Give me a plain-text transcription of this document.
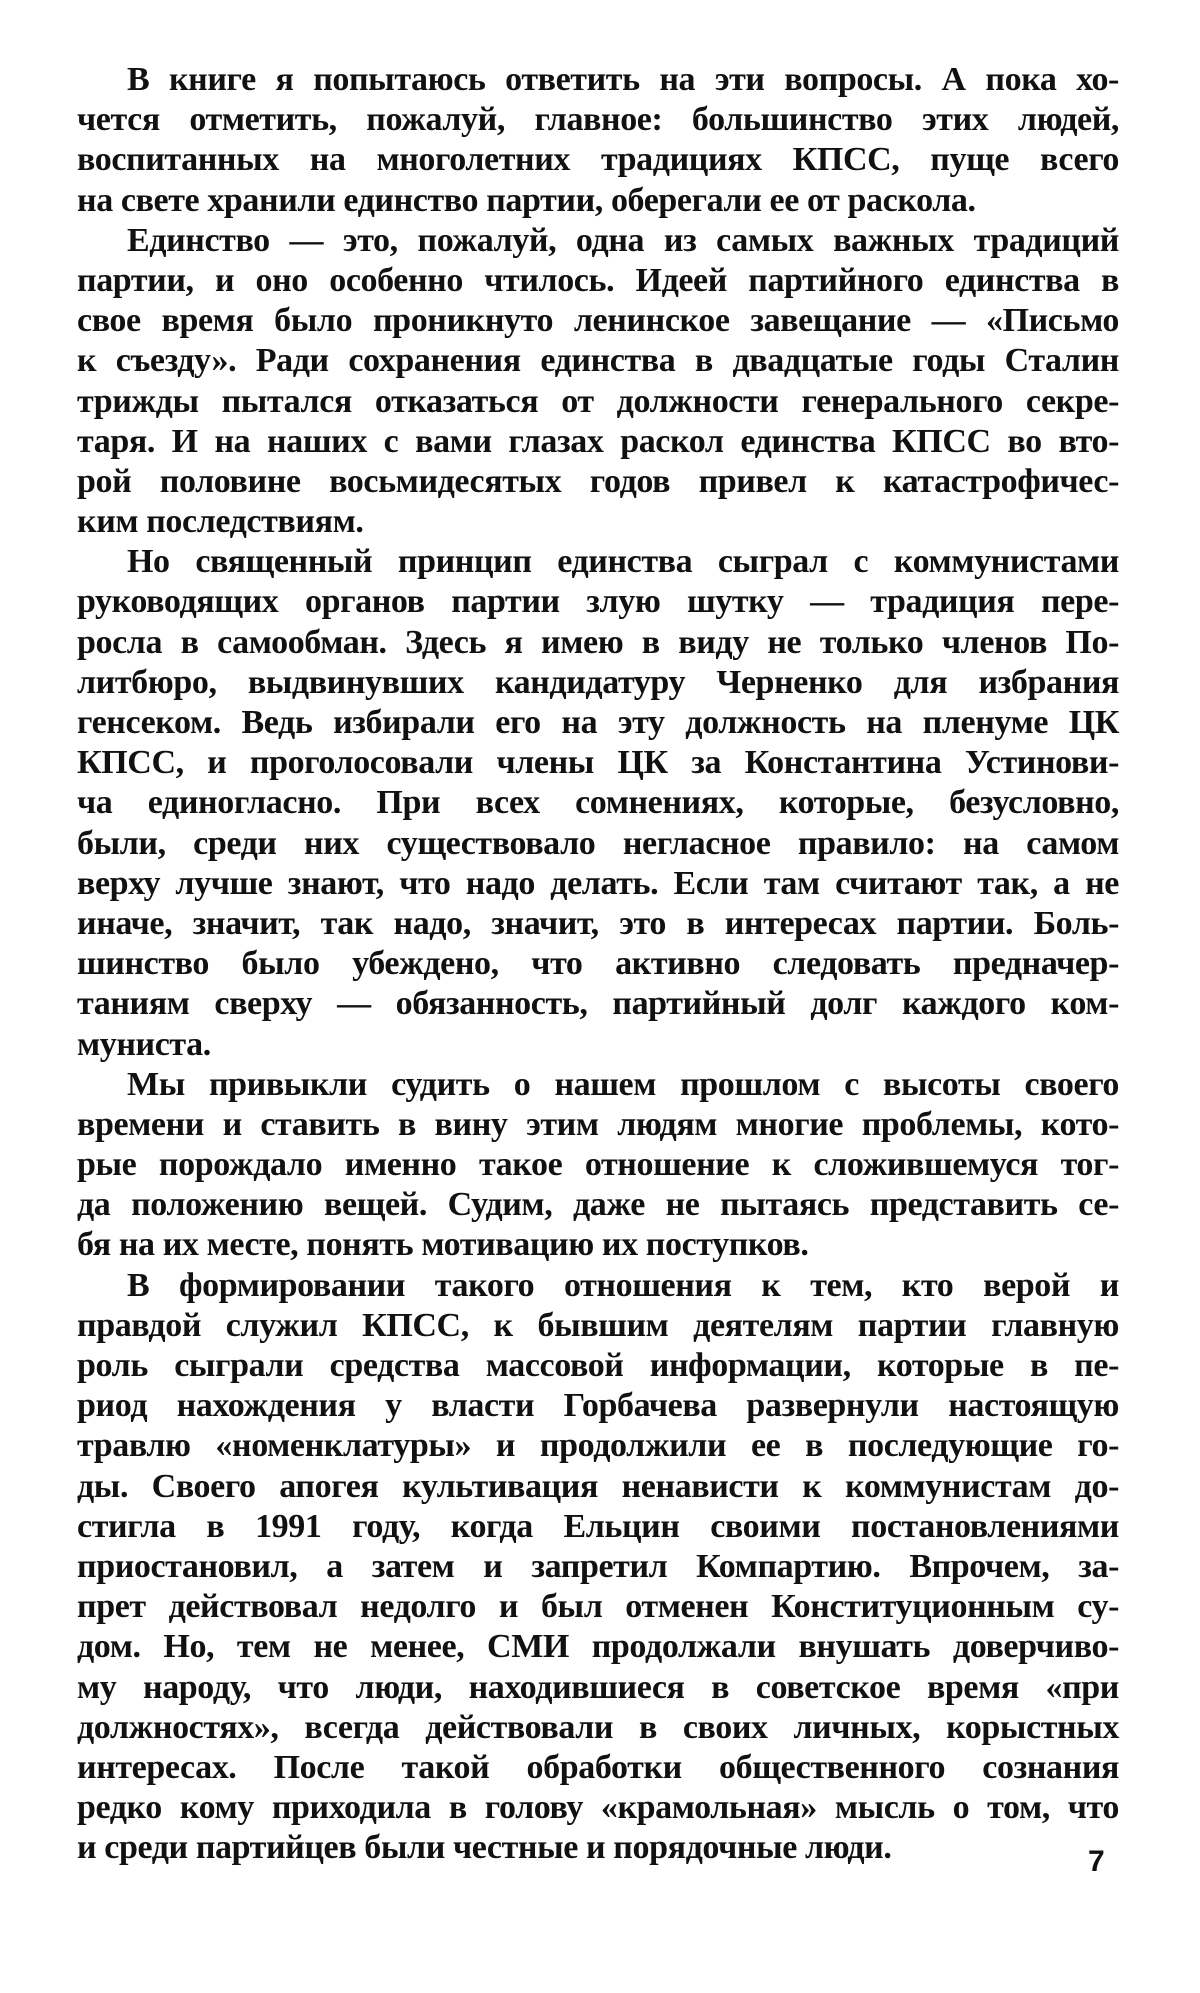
В книге я попытаюсь ответить на эти вопросы. А пока хо-
чется отметить, пожалуй, главное: большинство этих людей,
воспитанных на многолетних традициях КПСС, пуще всего
на свете хранили единство партии, оберегали ее от раскола.
Единство — это, пожалуй, одна из самых важных традиций
партии, и оно особенно чтилось. Идеей партийного единства в
свое время было проникнуто ленинское завещание — «Письмо
к съезду». Ради сохранения единства в двадцатые годы Сталин
трижды пытался отказаться от должности генерального секре-
таря. И на наших с вами глазах раскол единства КПСС во вто-
рой половине восьмидесятых годов привел к катастрофичес-
ким последствиям.
Но священный принцип единства сыграл с коммунистами
руководящих органов партии злую шутку — традиция пере-
росла в самообман. Здесь я имею в виду не только членов По-
литбюро, выдвинувших кандидатуру Черненко для избрания
генсеком. Ведь избирали его на эту должность на пленуме ЦК
КПСС, и проголосовали члены ЦК за Константина Устинови-
ча единогласно. При всех сомнениях, которые, безусловно,
были, среди них существовало негласное правило: на самом
верху лучше знают, что надо делать. Если там считают так, а не
иначе, значит, так надо, значит, это в интересах партии. Боль-
шинство было убеждено, что активно следовать предначер-
таниям сверху — обязанность, партийный долг каждого ком-
муниста.
Мы привыкли судить о нашем прошлом с высоты своего
времени и ставить в вину этим людям многие проблемы, кото-
рые порождало именно такое отношение к сложившемуся тог-
да положению вещей. Судим, даже не пытаясь представить се-
бя на их месте, понять мотивацию их поступков.
В формировании такого отношения к тем, кто верой и
правдой служил КПСС, к бывшим деятелям партии главную
роль сыграли средства массовой информации, которые в пе-
риод нахождения у власти Горбачева развернули настоящую
травлю «номенклатуры» и продолжили ее в последующие го-
ды. Своего апогея культивация ненависти к коммунистам до-
стигла в 1991 году, когда Ельцин своими постановлениями
приостановил, а затем и запретил Компартию. Впрочем, за-
прет действовал недолго и был отменен Конституционным су-
дом. Но, тем не менее, СМИ продолжали внушать доверчиво-
му народу, что люди, находившиеся в советское время «при
должностях», всегда действовали в своих личных, корыстных
интересах. После такой обработки общественного сознания
редко кому приходила в голову «крамольная» мысль о том, что
и среди партийцев были честные и порядочные люди.	7
